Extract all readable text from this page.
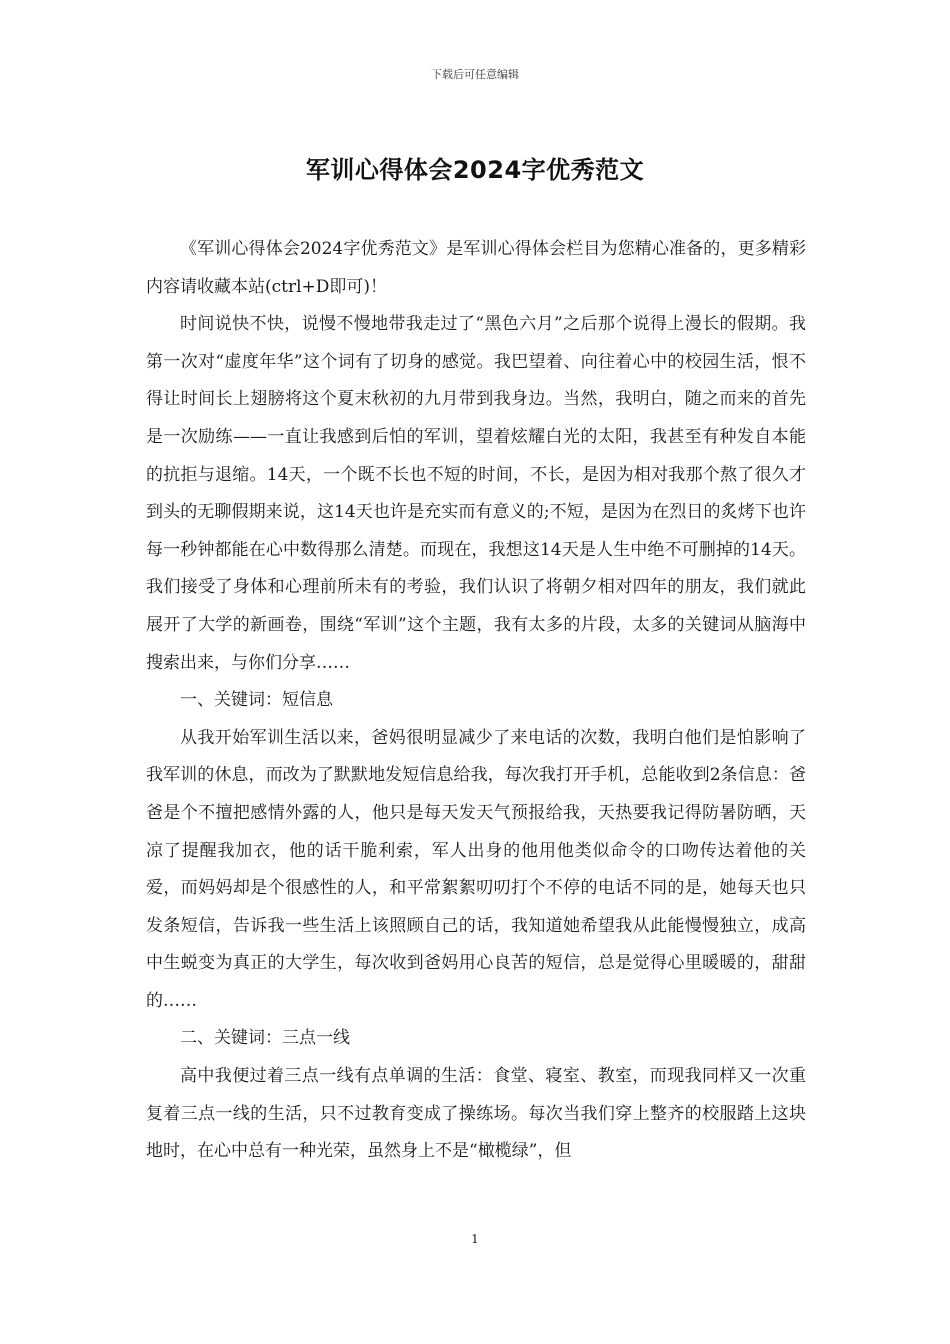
下载后可任意编辑
军训心得体会2024字优秀范文

《军训心得体会2024字优秀范文》是军训心得体会栏目为您精心准备的，更多精彩内容请收藏本站(ctrl+D即可)！

时间说快不快，说慢不慢地带我走过了“黑色六月”之后那个说得上漫长的假期。我第一次对“虚度年华”这个词有了切身的感觉。我巴望着、向往着心中的校园生活，恨不得让时间长上翅膀将这个夏末秋初的九月带到我身边。当然，我明白，随之而来的首先是一次励练——一直让我感到后怕的军训，望着炫耀白光的太阳，我甚至有种发自本能的抗拒与退缩。14天，一个既不长也不短的时间，不长，是因为相对我那个熬了很久才到头的无聊假期来说，这14天也许是充实而有意义的;不短，是因为在烈日的炙烤下也许每一秒钟都能在心中数得那么清楚。而现在，我想这14天是人生中绝不可删掉的14天。我们接受了身体和心理前所未有的考验，我们认识了将朝夕相对四年的朋友，我们就此展开了大学的新画卷，围绕“军训”这个主题，我有太多的片段，太多的关键词从脑海中搜索出来，与你们分享……

一、关键词：短信息

从我开始军训生活以来，爸妈很明显减少了来电话的次数，我明白他们是怕影响了我军训的休息，而改为了默默地发短信息给我，每次我打开手机，总能收到2条信息：爸爸是个不擅把感情外露的人，他只是每天发天气预报给我，天热要我记得防暑防晒，天凉了提醒我加衣，他的话干脆利索，军人出身的他用他类似命令的口吻传达着他的关爱，而妈妈却是个很感性的人，和平常絮絮叨叨打个不停的电话不同的是，她每天也只发条短信，告诉我一些生活上该照顾自己的话，我知道她希望我从此能慢慢独立，成高中生蜕变为真正的大学生，每次收到爸妈用心良苦的短信，总是觉得心里暖暖的，甜甜的……

二、关键词：三点一线

高中我便过着三点一线有点单调的生活：食堂、寝室、教室，而现我同样又一次重复着三点一线的生活，只不过教育变成了操练场。每次当我们穿上整齐的校服踏上这块地时，在心中总有一种光荣，虽然身上不是“橄榄绿”，但

1
